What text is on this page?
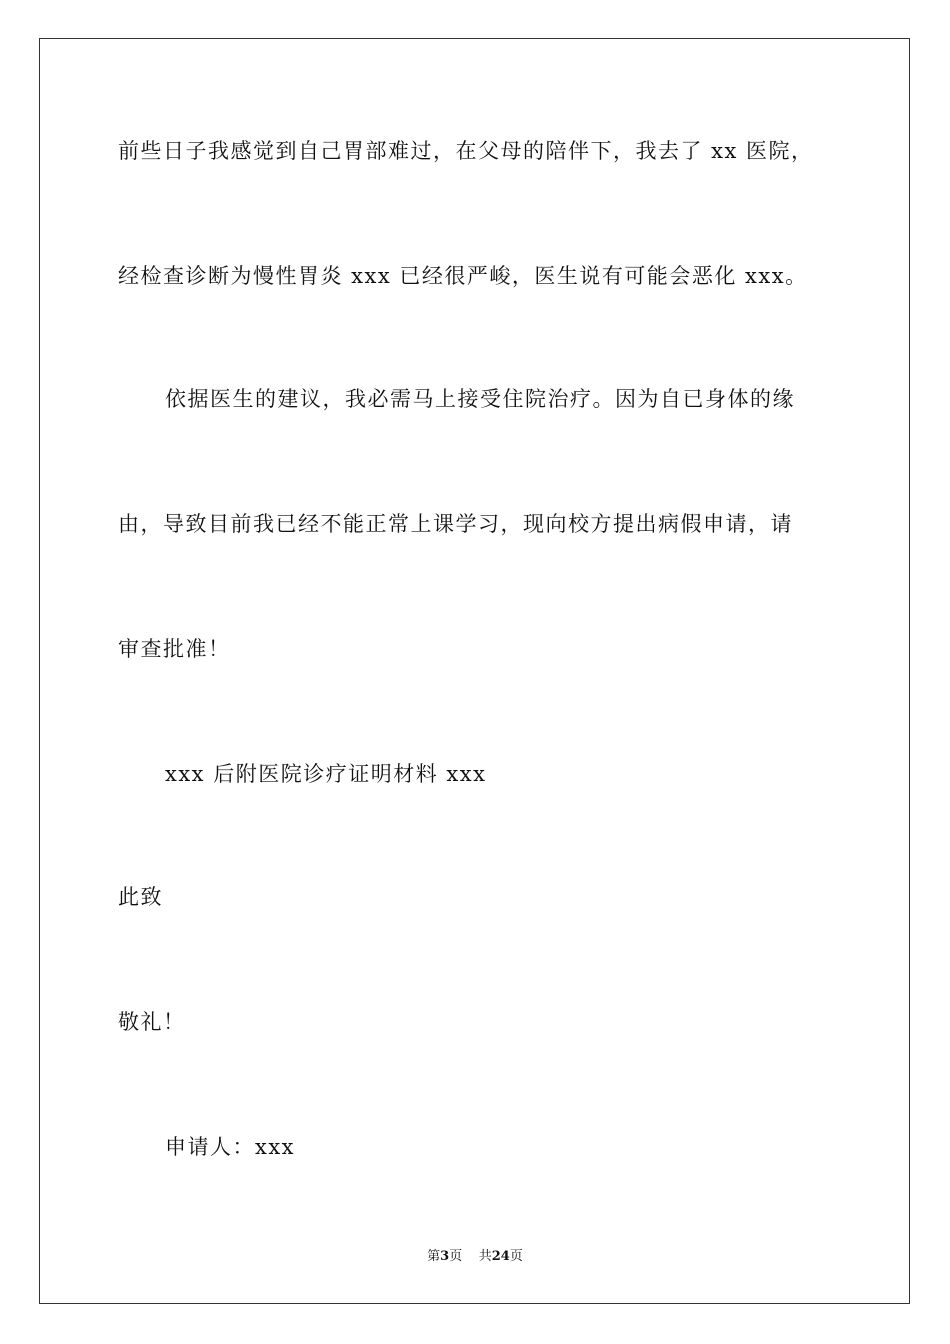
前些日子我感觉到自己胃部难过，在父母的陪伴下，我去了 xx 医院，
经检查诊断为慢性胃炎 xxx 已经很严峻，医生说有可能会恶化 xxx。
依据医生的建议，我必需马上接受住院治疗。因为自已身体的缘
由，导致目前我已经不能正常上课学习，现向校方提出病假申请，请
审查批准！
xxx 后附医院诊疗证明材料 xxx
此致
敬礼！
申请人：xxx
第3页 共24页
